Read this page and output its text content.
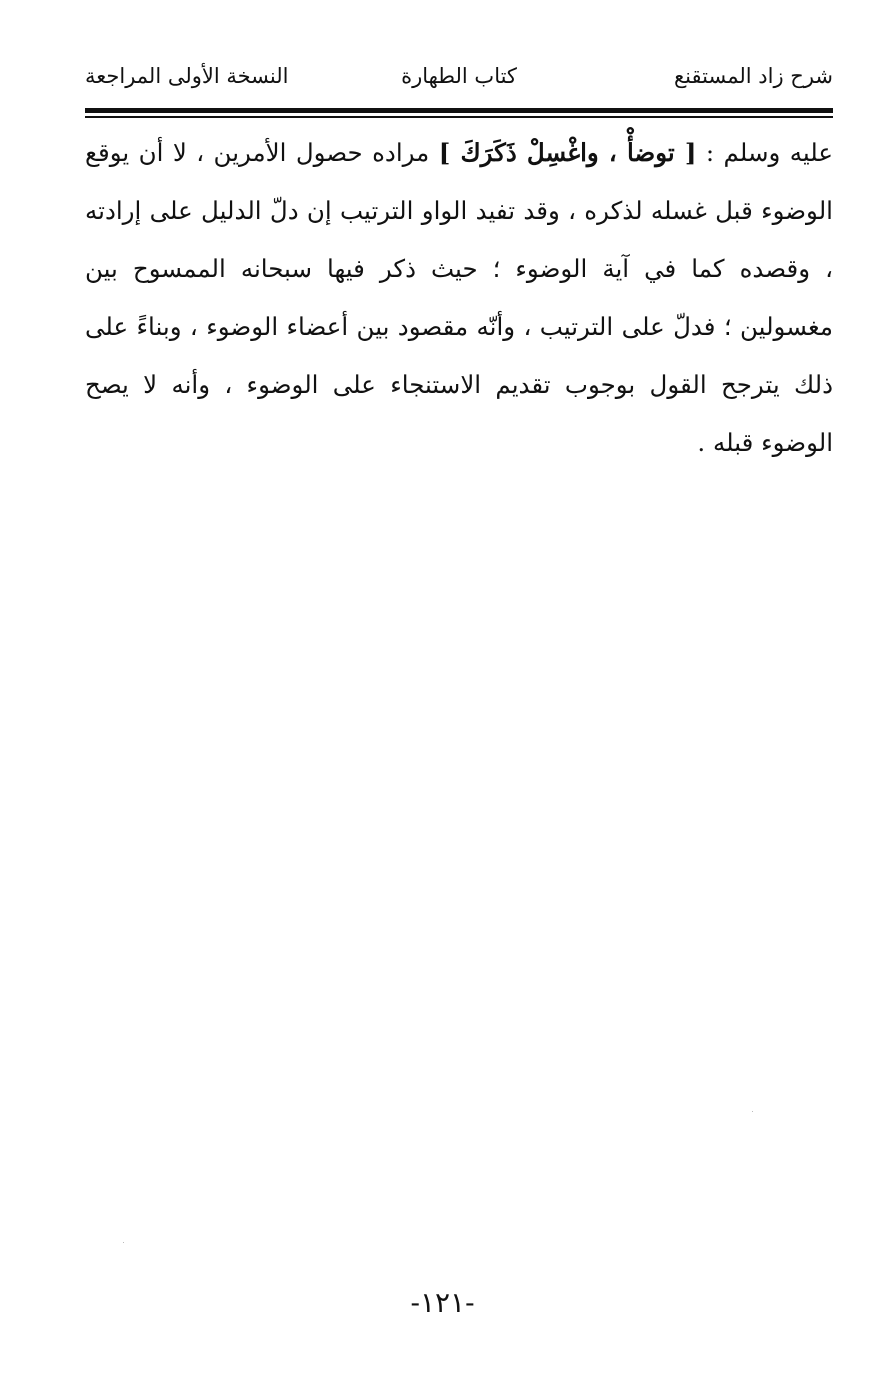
شرح زاد المستقنع
كتاب الطهارة
النسخة الأولى المراجعة
عليه وسلم : [ توضأْ ، واغْسِلْ ذَكَرَكَ ] مراده حصول الأمرين ، لا أن يوقع
الوضوء قبل غسله لذكره ، وقد تفيد الواو الترتيب إن دلّ الدليل على إرادته
، وقصده كما في آية الوضوء ؛ حيث ذكر فيها سبحانه الممسوح بين
مغسولين ؛ فدلّ على الترتيب ، وأنّه مقصود بين أعضاء الوضوء ، وبناءً على
ذلك يترجح القول بوجوب تقديم الاستنجاء على الوضوء ، وأنه لا يصح
الوضوء قبله .
-١٢١-
